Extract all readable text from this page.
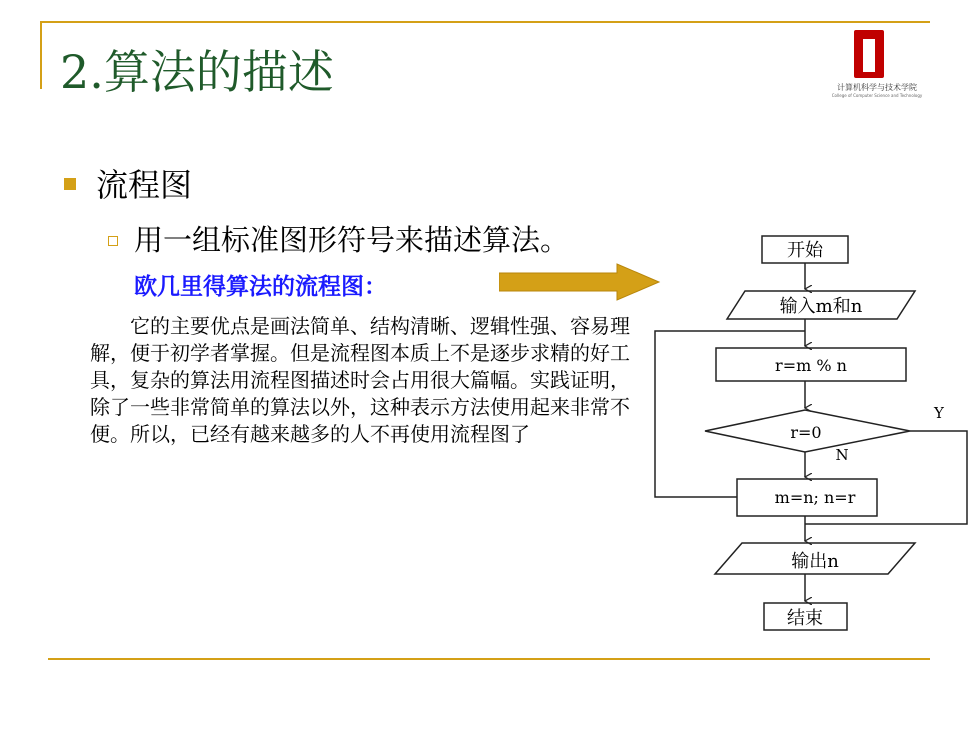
2.算法的描述	计算机科学与技术学院
College of Computer Science and Technology
流程图
用一组标准图形符号来描述算法。
欧几里得算法的流程图：
它的主要优点是画法简单、结构清晰、逻辑性强、容易理解，便于初学者掌握。但是流程图本质上不是逐步求精的好工具，复杂的算法用流程图描述时会占用很大篇幅。实践证明，除了一些非常简单的算法以外，这种表示方法使用起来非常不便。所以，已经有越来越多的人不再使用流程图了
开始
输入m和n
r=m % n
r=0
m=n; n=r
输出n
结束
Y
N
